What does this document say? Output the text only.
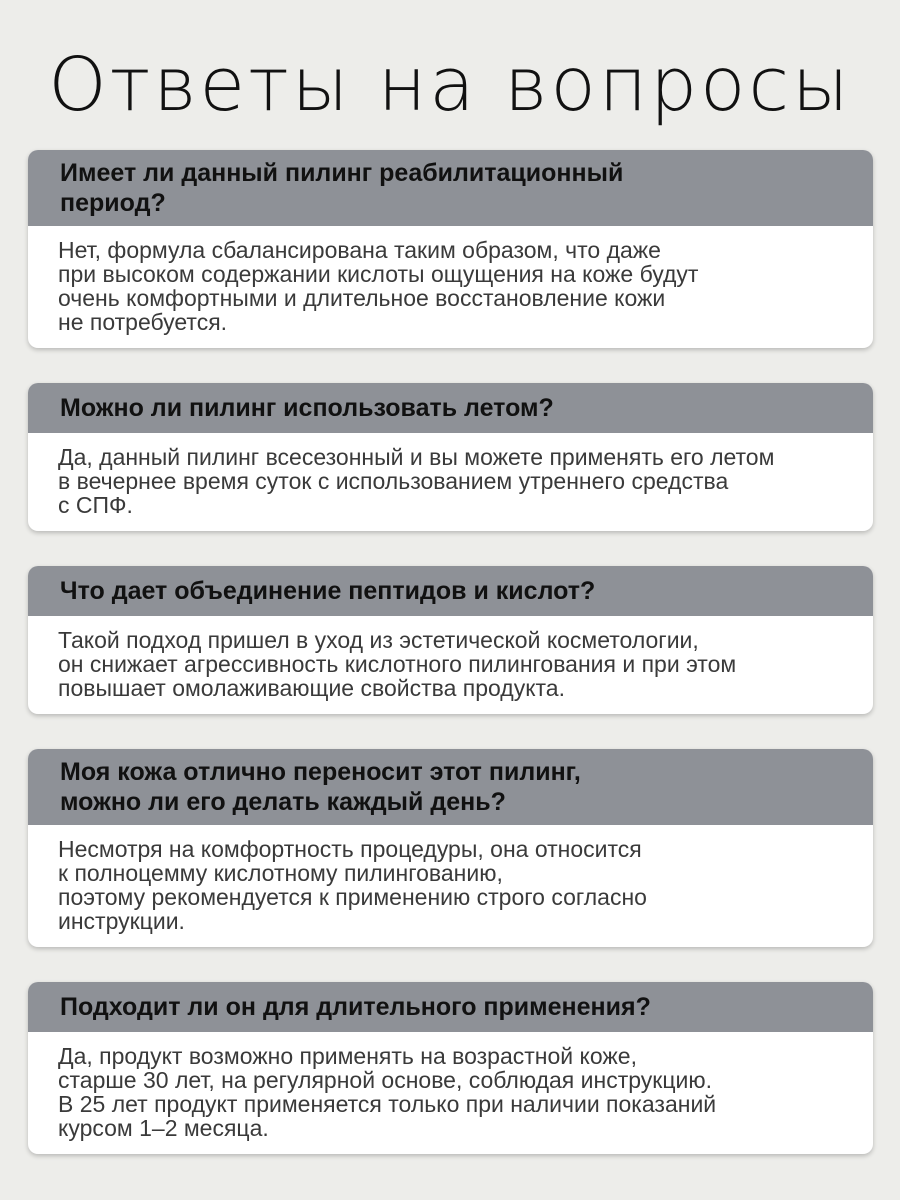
Ответы на вопросы
Имеет ли данный пилинг реабилитационный
период?
Нет, формула сбалансирована таким образом, что даже
при высоком содержании кислоты ощущения на коже будут
очень комфортными и длительное восстановление кожи
не потребуется.
Можно ли пилинг использовать летом?
Да, данный пилинг всесезонный и вы можете применять его летом
в вечернее время суток с использованием утреннего средства
с СПФ.
Что дает объединение пептидов и кислот?
Такой подход пришел в уход из эстетической косметологии,
он снижает агрессивность кислотного пилингования и при этом
повышает омолаживающие свойства продукта.
Моя кожа отлично переносит этот пилинг,
можно ли его делать каждый день?
Несмотря на комфортность процедуры, она относится
к полноцемму кислотному пилингованию,
поэтому рекомендуется к применению строго согласно
инструкции.
Подходит ли он для длительного применения?
Да, продукт возможно применять на возрастной коже,
старше 30 лет, на регулярной основе, соблюдая инструкцию.
В 25 лет продукт применяется только при наличии показаний
курсом 1–2 месяца.
